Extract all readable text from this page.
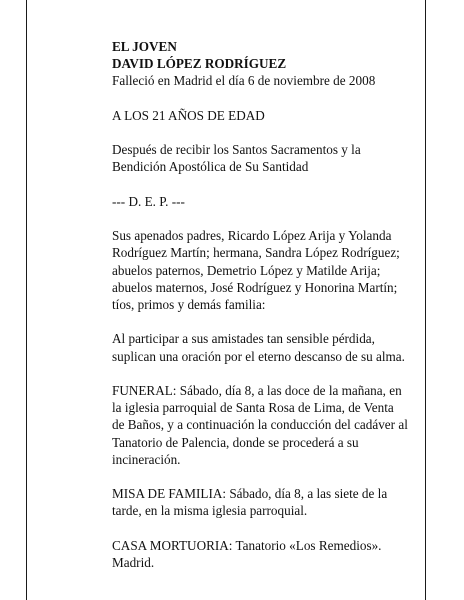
EL JOVEN
DAVID LÓPEZ RODRÍGUEZ
Falleció en Madrid el día 6 de noviembre de 2008
A LOS 21 AÑOS DE EDAD
Después de recibir los Santos Sacramentos y la
Bendición Apostólica de Su Santidad
--- D. E. P. ---
Sus apenados padres, Ricardo López Arija y Yolanda
Rodríguez Martín; hermana, Sandra López Rodríguez;
abuelos paternos, Demetrio López y Matilde Arija;
abuelos maternos, José Rodríguez y Honorina Martín;
tíos, primos y demás familia:
Al participar a sus amistades tan sensible pérdida,
suplican una oración por el eterno descanso de su alma.
FUNERAL: Sábado, día 8, a las doce de la mañana, en
la iglesia parroquial de Santa Rosa de Lima, de Venta
de Baños, y a continuación la conducción del cadáver al
Tanatorio de Palencia, donde se procederá a su
incineración.
MISA DE FAMILIA: Sábado, día 8, a las siete de la
tarde, en la misma iglesia parroquial.
CASA MORTUORIA: Tanatorio «Los Remedios».
Madrid.
